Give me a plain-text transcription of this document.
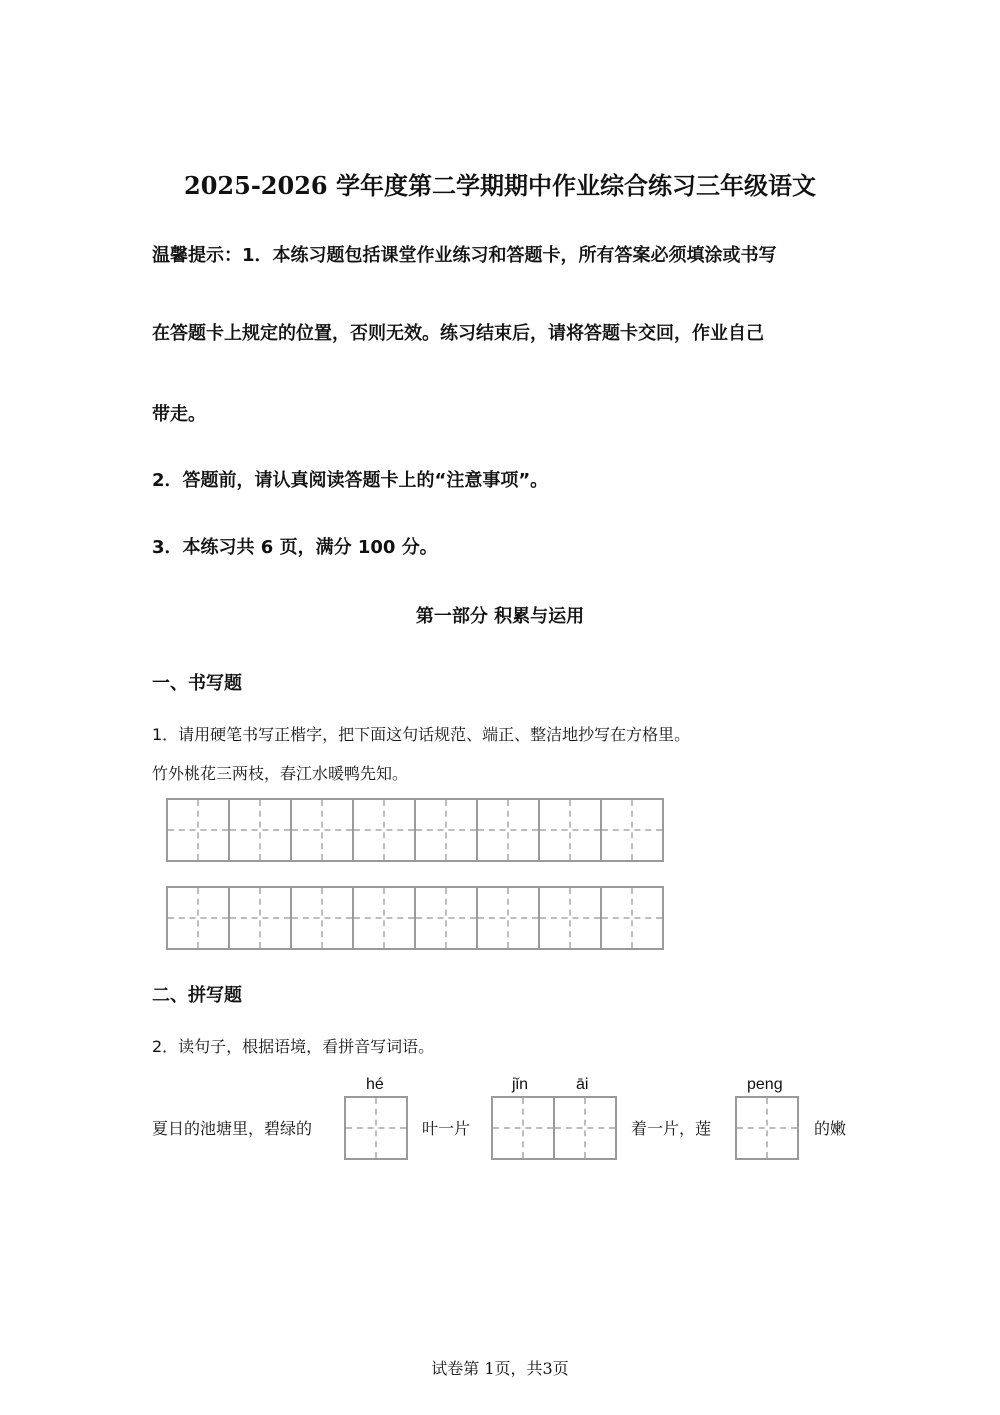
2025-2026 学年度第二学期期中作业综合练习三年级语文
温馨提示：1．本练习题包括课堂作业练习和答题卡，所有答案必须填涂或书写
在答题卡上规定的位置，否则无效。练习结束后，请将答题卡交回，作业自己
带走。
2．答题前，请认真阅读答题卡上的“注意事项”。
3．本练习共 6 页，满分 100 分。
第一部分 积累与运用
一、书写题
1．请用硬笔书写正楷字，把下面这句话规范、端正、整洁地抄写在方格里。
竹外桃花三两枝，春江水暖鸭先知。
二、拼写题
2．读句子，根据语境，看拼音写词语。
hé	jǐn	āi	peng
夏日的池塘里，碧绿的	叶一片	着一片，莲	的嫩
试卷第 1页，共3页
